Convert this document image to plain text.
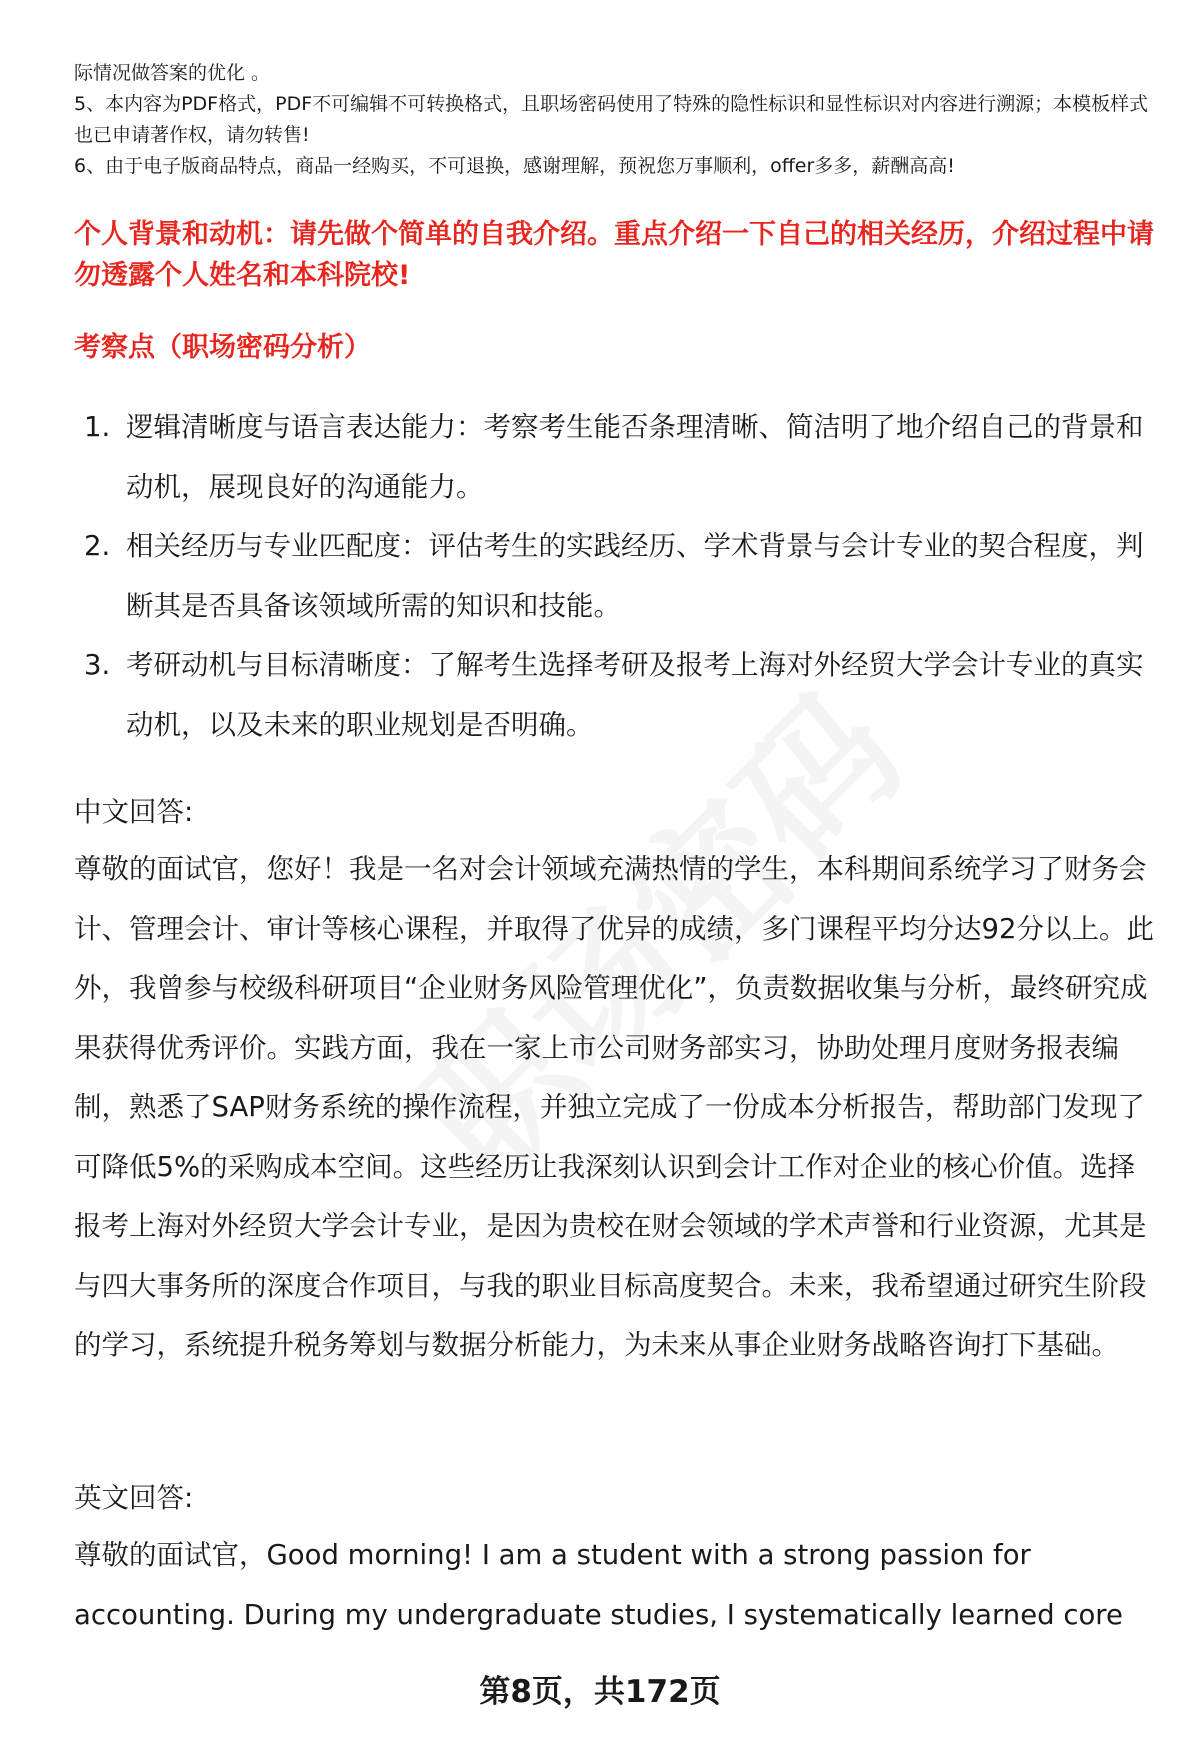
际情况做答案的优化 。

5、本内容为PDF格式，PDF不可编辑不可转换格式，且职场密码使用了特殊的隐性标识和显性标识对内容进行溯源；本模板样式也已申请著作权，请勿转售!

6、由于电子版商品特点，商品一经购买，不可退换，感谢理解，预祝您万事顺利，offer多多，薪酬高高!

个人背景和动机：请先做个简单的自我介绍。重点介绍一下自己的相关经历，介绍过程中请勿透露个人姓名和本科院校!
考察点（职场密码分析）
1. 逻辑清晰度与语言表达能力：考察考生能否条理清晰、简洁明了地介绍自己的背景和动机，展现良好的沟通能力。
2. 相关经历与专业匹配度：评估考生的实践经历、学术背景与会计专业的契合程度，判断其是否具备该领域所需的知识和技能。
3. 考研动机与目标清晰度：了解考生选择考研及报考上海对外经贸大学会计专业的真实动机，以及未来的职业规划是否明确。
中文回答:

尊敬的面试官，您好！我是一名对会计领域充满热情的学生，本科期间系统学习了财务会计、管理会计、审计等核心课程，并取得了优异的成绩，多门课程平均分达92分以上。此外，我曾参与校级科研项目“企业财务风险管理优化”，负责数据收集与分析，最终研究成果获得优秀评价。实践方面，我在一家上市公司财务部实习，协助处理月度财务报表编制，熟悉了SAP财务系统的操作流程，并独立完成了一份成本分析报告，帮助部门发现了可降低5%的采购成本空间。这些经历让我深刻认识到会计工作对企业的核心价值。选择报考上海对外经贸大学会计专业，是因为贵校在财会领域的学术声誉和行业资源，尤其是与四大事务所的深度合作项目，与我的职业目标高度契合。未来，我希望通过研究生阶段的学习，系统提升税务筹划与数据分析能力，为未来从事企业财务战略咨询打下基础。

英文回答:

尊敬的面试官，Good morning! I am a student with a strong passion for accounting. During my undergraduate studies, I systematically learned core

第8页，共172页
